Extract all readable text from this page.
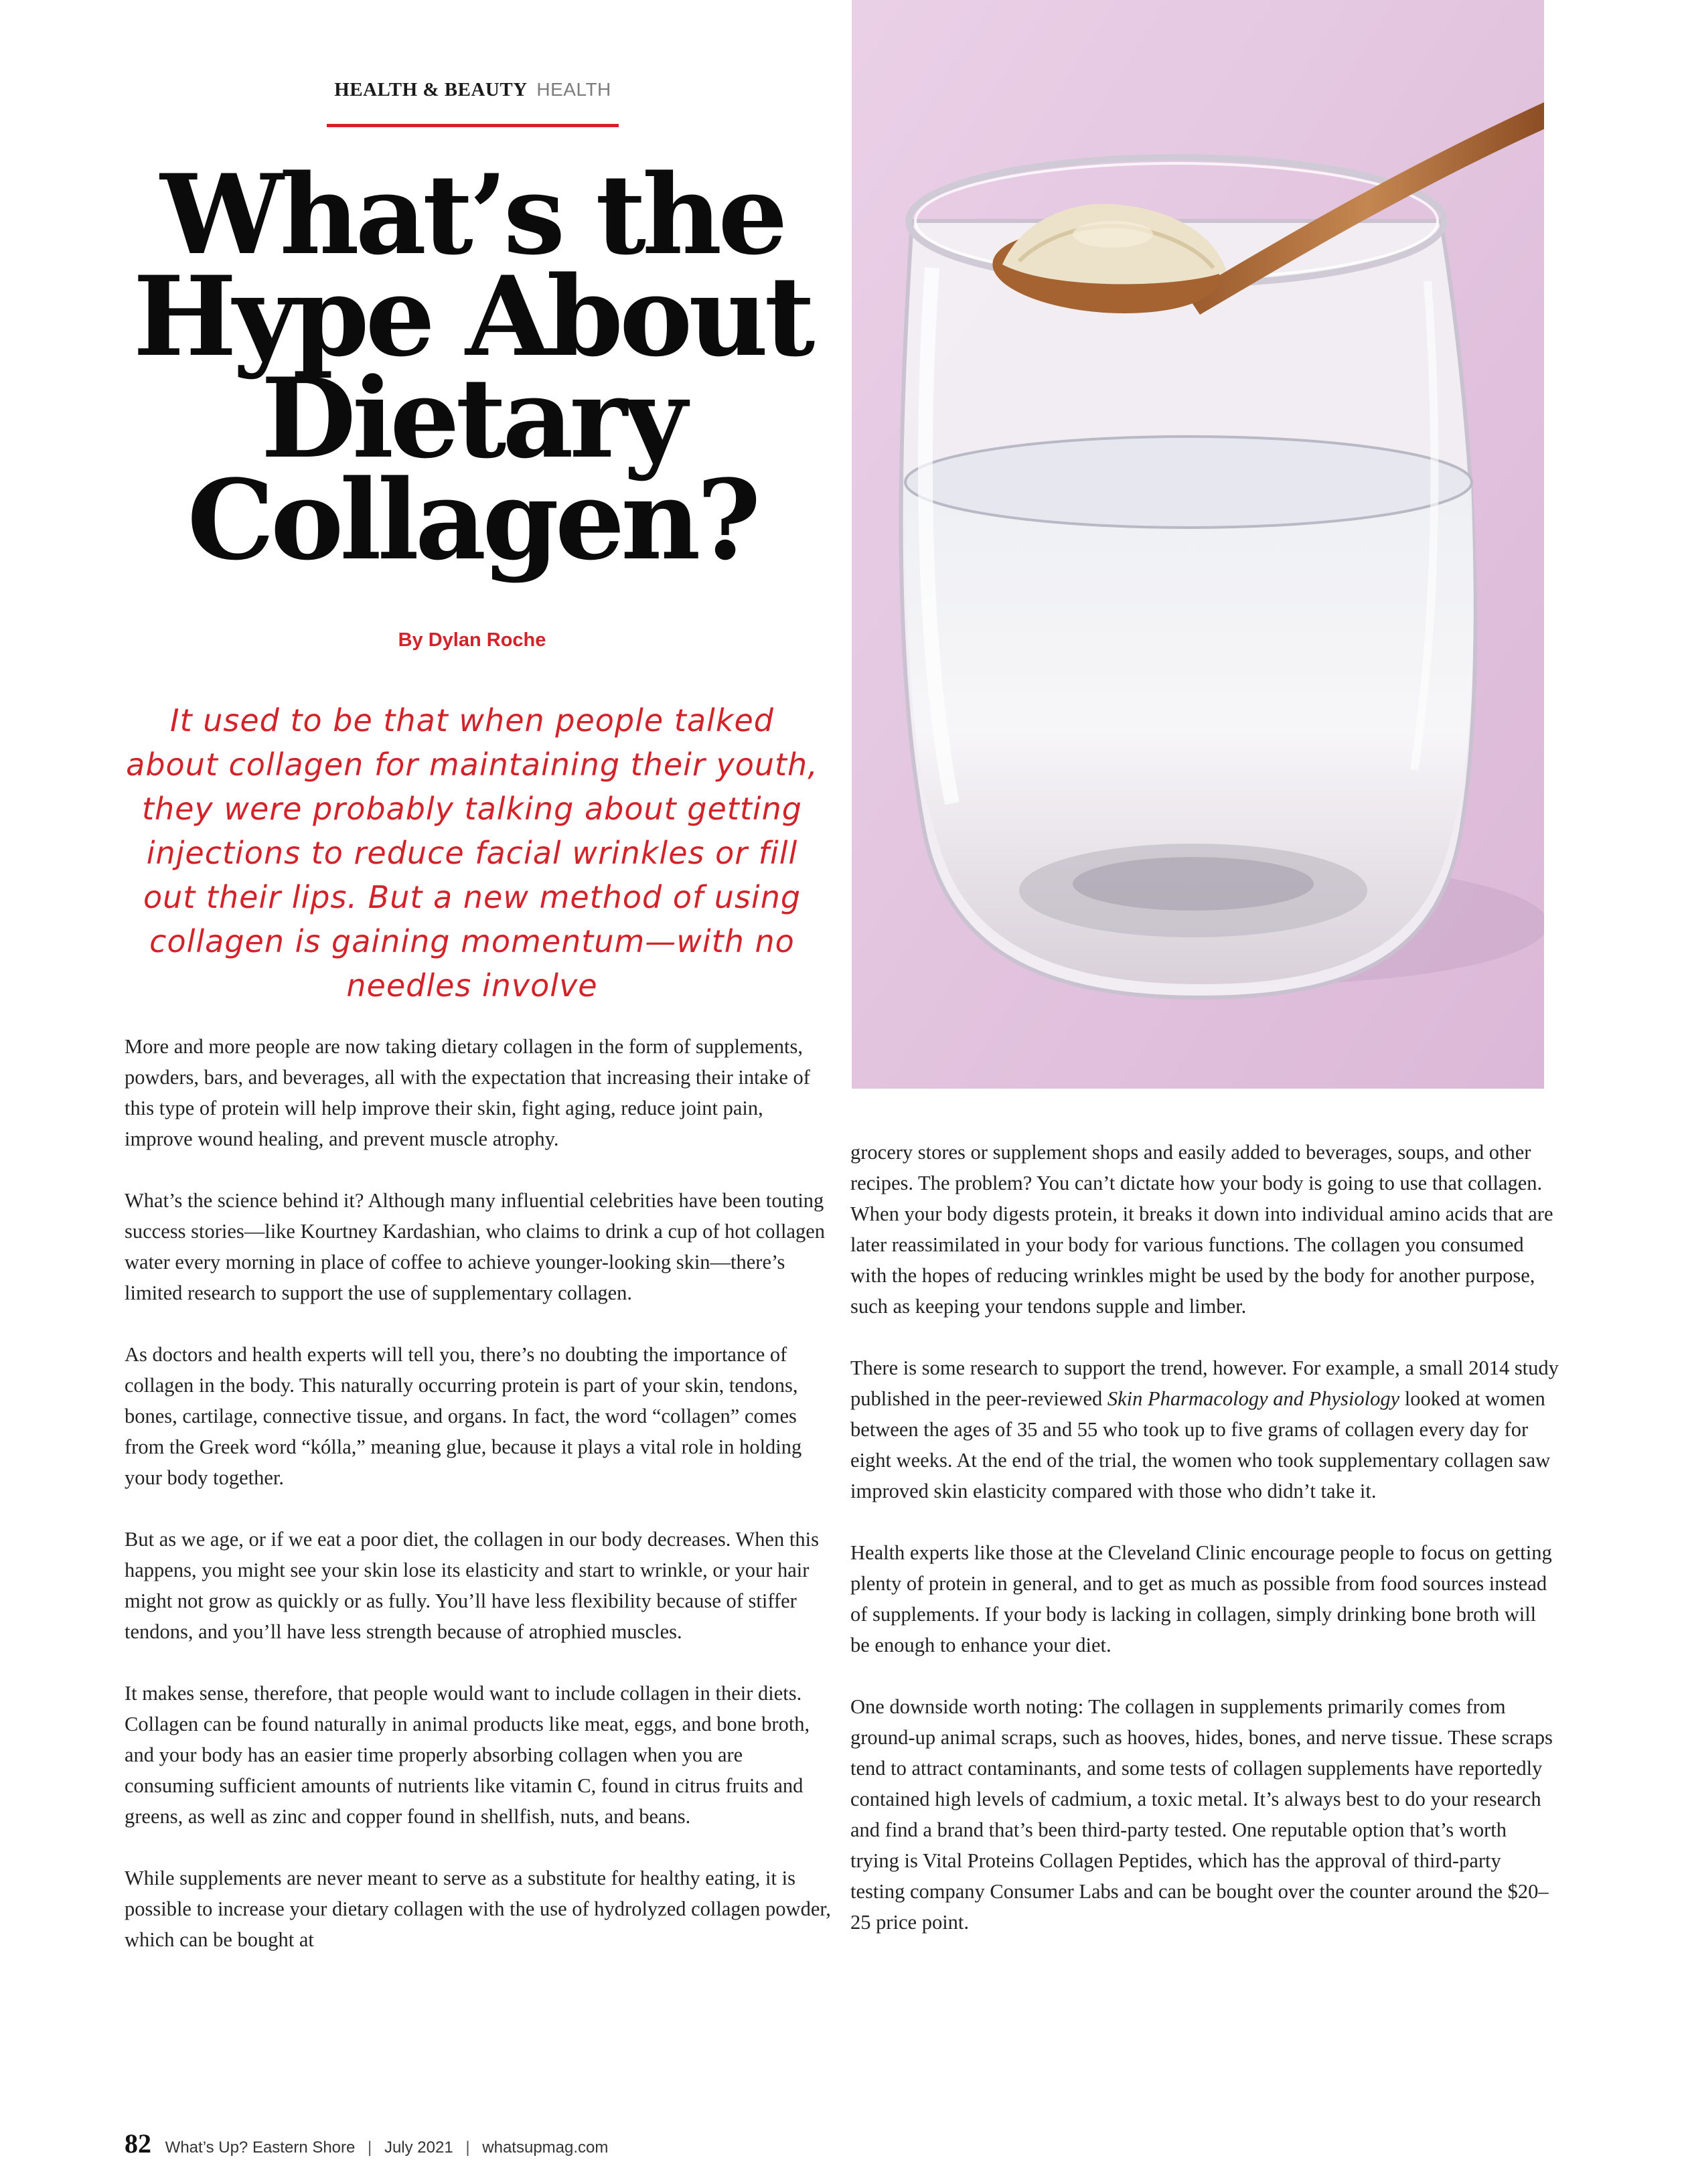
HEALTH & BEAUTY HEALTH
What’s the
Hype About
Dietary
Collagen?
By Dylan Roche

It used to be that when people talked about collagen for maintaining their youth, they were probably talking about getting injections to reduce facial wrinkles or fill out their lips. But a new method of using collagen is gaining momentum—with no needles involve

More and more people are now taking dietary collagen in the form of supplements, powders, bars, and beverages, all with the expectation that increasing their intake of this type of protein will help improve their skin, fight aging, reduce joint pain, improve wound healing, and prevent muscle atrophy.

What’s the science behind it? Although many influential celebrities have been touting success stories—like Kourtney Kardashian, who claims to drink a cup of hot collagen water every morning in place of coffee to achieve younger-looking skin—there’s limited research to support the use of supplementary collagen.

As doctors and health experts will tell you, there’s no doubting the importance of collagen in the body. This naturally occurring protein is part of your skin, tendons, bones, cartilage, connective tissue, and organs. In fact, the word “collagen” comes from the Greek word “kólla,” meaning glue, because it plays a vital role in holding your body together.

But as we age, or if we eat a poor diet, the collagen in our body decreases. When this happens, you might see your skin lose its elasticity and start to wrinkle, or your hair might not grow as quickly or as fully. You’ll have less flexibility because of stiffer tendons, and you’ll have less strength because of atrophied muscles.

It makes sense, therefore, that people would want to include collagen in their diets. Collagen can be found naturally in animal products like meat, eggs, and bone broth, and your body has an easier time properly absorbing collagen when you are consuming sufficient amounts of nutrients like vitamin C, found in citrus fruits and greens, as well as zinc and copper found in shellfish, nuts, and beans.

While supplements are never meant to serve as a substitute for healthy eating, it is possible to increase your dietary collagen with the use of hydrolyzed collagen powder, which can be bought at

grocery stores or supplement shops and easily added to beverages, soups, and other recipes. The problem? You can’t dictate how your body is going to use that collagen. When your body digests protein, it breaks it down into individual amino acids that are later reassimilated in your body for various functions. The collagen you consumed with the hopes of reducing wrinkles might be used by the body for another purpose, such as keeping your tendons supple and limber.

There is some research to support the trend, however. For example, a small 2014 study published in the peer-reviewed Skin Pharmacology and Physiology looked at women between the ages of 35 and 55 who took up to five grams of collagen every day for eight weeks. At the end of the trial, the women who took supplementary collagen saw improved skin elasticity compared with those who didn’t take it.

Health experts like those at the Cleveland Clinic encourage people to focus on getting plenty of protein in general, and to get as much as possible from food sources instead of supplements. If your body is lacking in collagen, simply drinking bone broth will be enough to enhance your diet.

One downside worth noting: The collagen in supplements primarily comes from ground-up animal scraps, such as hooves, hides, bones, and nerve tissue. These scraps tend to attract contaminants, and some tests of collagen supplements have reportedly contained high levels of cadmium, a toxic metal. It’s always best to do your research and find a brand that’s been third-party tested. One reputable option that’s worth trying is Vital Proteins Collagen Peptides, which has the approval of third-party testing company Consumer Labs and can be bought over the counter around the $20–25 price point.

82 What’s Up? Eastern Shore | July 2021 | whatsupmag.com
